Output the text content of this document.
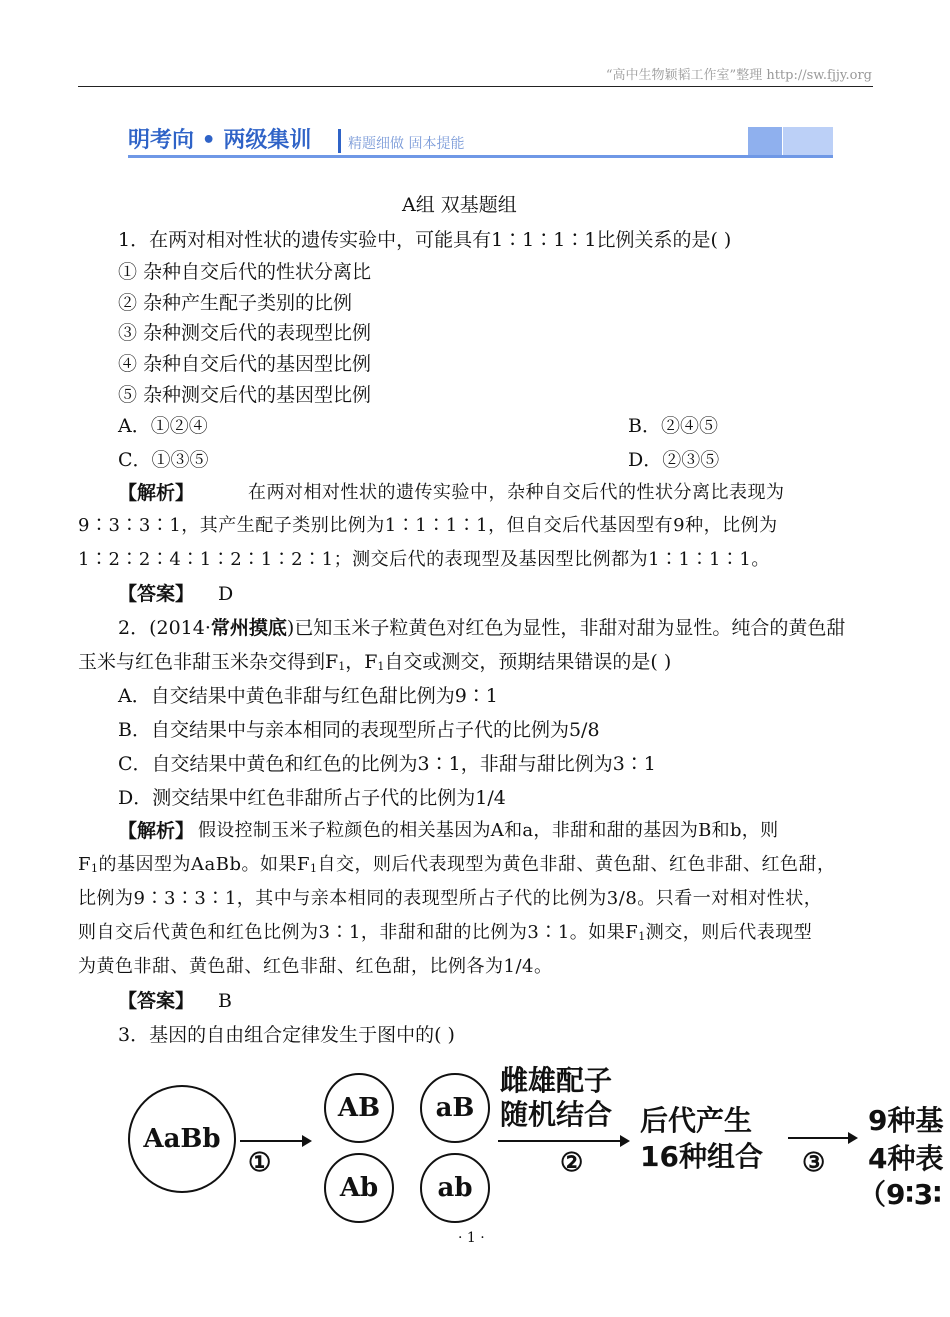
“高中生物颖韬工作室”整理 http://sw.fjjy.org
明考向 • 两级集训	精题细做 固本提能
A组 双基题组
1．在两对相对性状的遗传实验中，可能具有1∶1∶1∶1比例关系的是( )
① 杂种自交后代的性状分离比
② 杂种产生配子类别的比例
③ 杂种测交后代的表现型比例
④ 杂种自交后代的基因型比例
⑤ 杂种测交后代的基因型比例
A．①②④	B．②④⑤
C．①③⑤	D．②③⑤
【解析】	在两对相对性状的遗传实验中，杂种自交后代的性状分离比表现为
9∶3∶3∶1，其产生配子类别比例为1∶1∶1∶1，但自交后代基因型有9种，比例为
1∶2∶2∶4∶1∶2∶1∶2∶1；测交后代的表现型及基因型比例都为1∶1∶1∶1。
【答案】 D
2．(2014·常州摸底)已知玉米子粒黄色对红色为显性，非甜对甜为显性。纯合的黄色甜
玉米与红色非甜玉米杂交得到$F_1$，$F_1$自交或测交，预期结果错误的是( )
A．自交结果中黄色非甜与红色甜比例为9∶1
B．自交结果中与亲本相同的表现型所占子代的比例为5/8
C．自交结果中黄色和红色的比例为3∶1，非甜与甜比例为3∶1
D．测交结果中红色非甜所占子代的比例为1/4
【解析】 假设控制玉米子粒颜色的相关基因为A和a，非甜和甜的基因为B和b，则
$F_1$的基因型为AaBb。如果$F_1$自交，则后代表现型为黄色非甜、黄色甜、红色非甜、红色甜，
比例为9∶3∶3∶1，其中与亲本相同的表现型所占子代的比例为3/8。只看一对相对性状，
则自交后代黄色和红色比例为3∶1，非甜和甜的比例为3∶1。如果$F_1$测交，则后代表现型
为黄色非甜、黄色甜、红色非甜、红色甜，比例各为1/4。
【答案】 B
3．基因的自由组合定律发生于图中的( )
AaBb
①
AB	aB
Ab	ab
雌雄配子
随机结合
②
后代产生
16种组合 ③
9种基
4种表
（9∶3∶
· 1 ·
